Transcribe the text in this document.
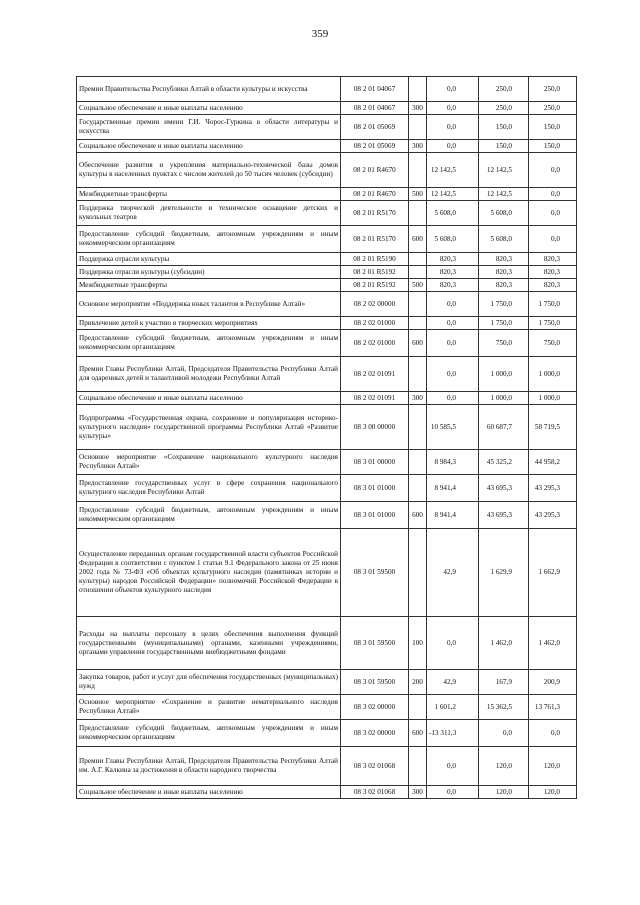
359
Премии Правительства Республики Алтай в области культуры и искусства	08 2 01 04067		0,0	250,0	250,0
Социальное обеспечение и иные выплаты населению	08 2 01 04067	300	0,0	250,0	250,0
Государственные премии имени Г.И. Чорос-Гуркина в области литературы и искусства	08 2 01 05069		0,0	150,0	150,0
Социальное обеспечение и иные выплаты населению	08 2 01 05069	300	0,0	150,0	150,0
Обеспечение развития и укрепления материально-технической базы домов культуры в населенных пунктах с числом жителей до 50 тысяч человек (субсидии)	08 2 01 R4670		12 142,5	12 142,5	0,0
Межбюджетные трансферты	08 2 01 R4670	500	12 142,5	12 142,5	0,0
Поддержка творческой деятельности и техническое оснащение детских и кукольных театров	08 2 01 R5170		5 608,0	5 608,0	0,0
Предоставление субсидий бюджетным, автономным учреждениям и иным некоммерческим организациям	08 2 01 R5170	600	5 608,0	5 608,0	0,0
Поддержка отрасли культуры	08 2 01 R5190		820,3	820,3	820,3
Поддержка отрасли культуры (субсидии)	08 2 01 R5192		820,3	820,3	820,3
Межбюджетные трансферты	08 2 01 R5192	500	820,3	820,3	820,3
Основное мероприятие «Поддержка юных талантов в Республике Алтай»	08 2 02 00000		0,0	1 750,0	1 750,0
Привлечение детей к участию в творческих мероприятиях	08 2 02 01000		0,0	1 750,0	1 750,0
Предоставление субсидий бюджетным, автономным учреждениям и иным некоммерческим организациям	08 2 02 01000	600	0,0	750,0	750,0
Премии Главы Республики Алтай, Председателя Правительства Республики Алтай для одаренных детей и талантливой молодежи Республики Алтай	08 2 02 01091		0,0	1 000,0	1 000,0
Социальное обеспечение и иные выплаты населению	08 2 02 01091	300	0,0	1 000,0	1 000,0
Подпрограмма «Государственная охрана, сохранение и популяризация историко-культурного наследия» государственной программы Республики Алтай «Развитие культуры»	08 3 00 00000		10 585,5	60 687,7	58 719,5
Основное мероприятие «Сохранение национального культурного наследия Республики Алтай»	08 3 01 00000		8 984,3	45 325,2	44 958,2
Предоставление государственных услуг в сфере сохранения национального культурного наследия Республики Алтай	08 3 01 01000		8 941,4	43 695,3	43 295,3
Предоставление субсидий бюджетным, автономным учреждениям и иным некоммерческим организациям	08 3 01 01000	600	8 941,4	43 695,3	43 295,3
Осуществление переданных органам государственной власти субъектов Российской Федерации в соответствии с пунктом 1 статьи 9.1 Федерального закона от 25 июня 2002 года № 73-ФЗ «Об объектах культурного наследия (памятниках истории и культуры) народов Российской Федерации» полномочий Российской Федерации в отношении объектов культурного наследия	08 3 01 59500		42,9	1 629,9	1 662,9
Расходы на выплаты персоналу в целях обеспечения выполнения функций государственными (муниципальными) органами, казенными учреждениями, органами управления государственными внебюджетными фондами	08 3 01 59500	100	0,0	1 462,0	1 462,0
Закупка товаров, работ и услуг для обеспечения государственных (муниципальных) нужд	08 3 01 59500	200	42,9	167,9	200,9
Основное мероприятие «Сохранение и развитие нематериального наследия Республики Алтай»	08 3 02 00000		1 601,2	15 362,5	13 761,3
Предоставление субсидий бюджетным, автономным учреждениям и иным некоммерческим организациям	08 3 02 00000	600	-13 311,3	0,0	0,0
Премии Главы Республики Алтай, Председателя Правительства Республики Алтай им. А.Г. Калкина за достижения в области народного творчества	08 3 02 01068		0,0	120,0	120,0
Социальное обеспечение и иные выплаты населению	08 3 02 01068	300	0,0	120,0	120,0
